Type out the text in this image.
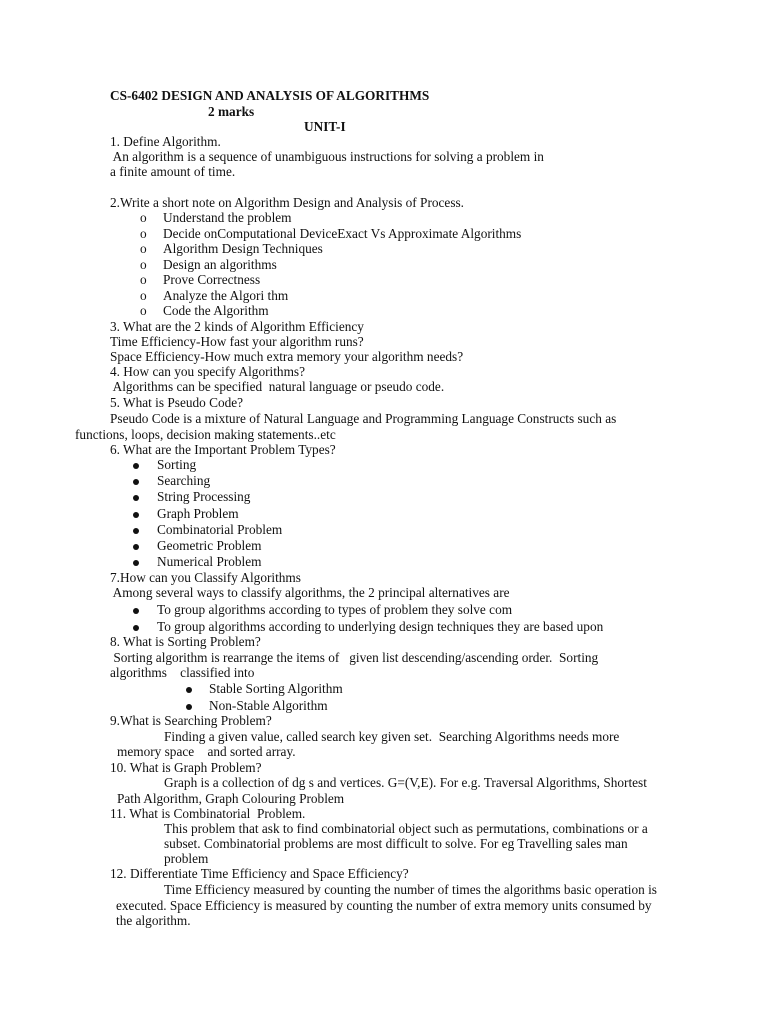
CS-6402 DESIGN AND ANALYSIS OF ALGORITHMS
2 marks
UNIT-I
1. Define Algorithm.
An algorithm is a sequence of unambiguous instructions for solving a problem in
a finite amount of time.
2.Write a short note on Algorithm Design and Analysis of Process.
o Understand the problem
o Decide onComputational DeviceExact Vs Approximate Algorithms
o Algorithm Design Techniques
o Design an algorithms
o Prove Correctness
o Analyze the Algori thm
o Code the Algorithm
3. What are the 2 kinds of Algorithm Efficiency
Time Efficiency-How fast your algorithm runs?
Space Efficiency-How much extra memory your algorithm needs?
4. How can you specify Algorithms?
Algorithms can be specified  natural language or pseudo code.
5. What is Pseudo Code?
Pseudo Code is a mixture of Natural Language and Programming Language Constructs such as
functions, loops, decision making statements..etc
6. What are the Important Problem Types?
Sorting
Searching
String Processing
Graph Problem
Combinatorial Problem
Geometric Problem
Numerical Problem
7.How can you Classify Algorithms
Among several ways to classify algorithms, the 2 principal alternatives are
To group algorithms according to types of problem they solve com
To group algorithms according to underlying design techniques they are based upon
8. What is Sorting Problem?
Sorting algorithm is rearrange the items of   given list descending/ascending order.  Sorting
algorithms    classified into
Stable Sorting Algorithm
Non-Stable Algorithm
9.What is Searching Problem?
Finding a given value, called search key given set.  Searching Algorithms needs more
memory space    and sorted array.
10. What is Graph Problem?
Graph is a collection of dg s and vertices. G=(V,E). For e.g. Traversal Algorithms, Shortest
Path Algorithm, Graph Colouring Problem
11. What is Combinatorial  Problem.
This problem that ask to find combinatorial object such as permutations, combinations or a
subset. Combinatorial problems are most difficult to solve. For eg Travelling sales man
problem
12. Differentiate Time Efficiency and Space Efficiency?
Time Efficiency measured by counting the number of times the algorithms basic operation is
executed. Space Efficiency is measured by counting the number of extra memory units consumed by
the algorithm.
